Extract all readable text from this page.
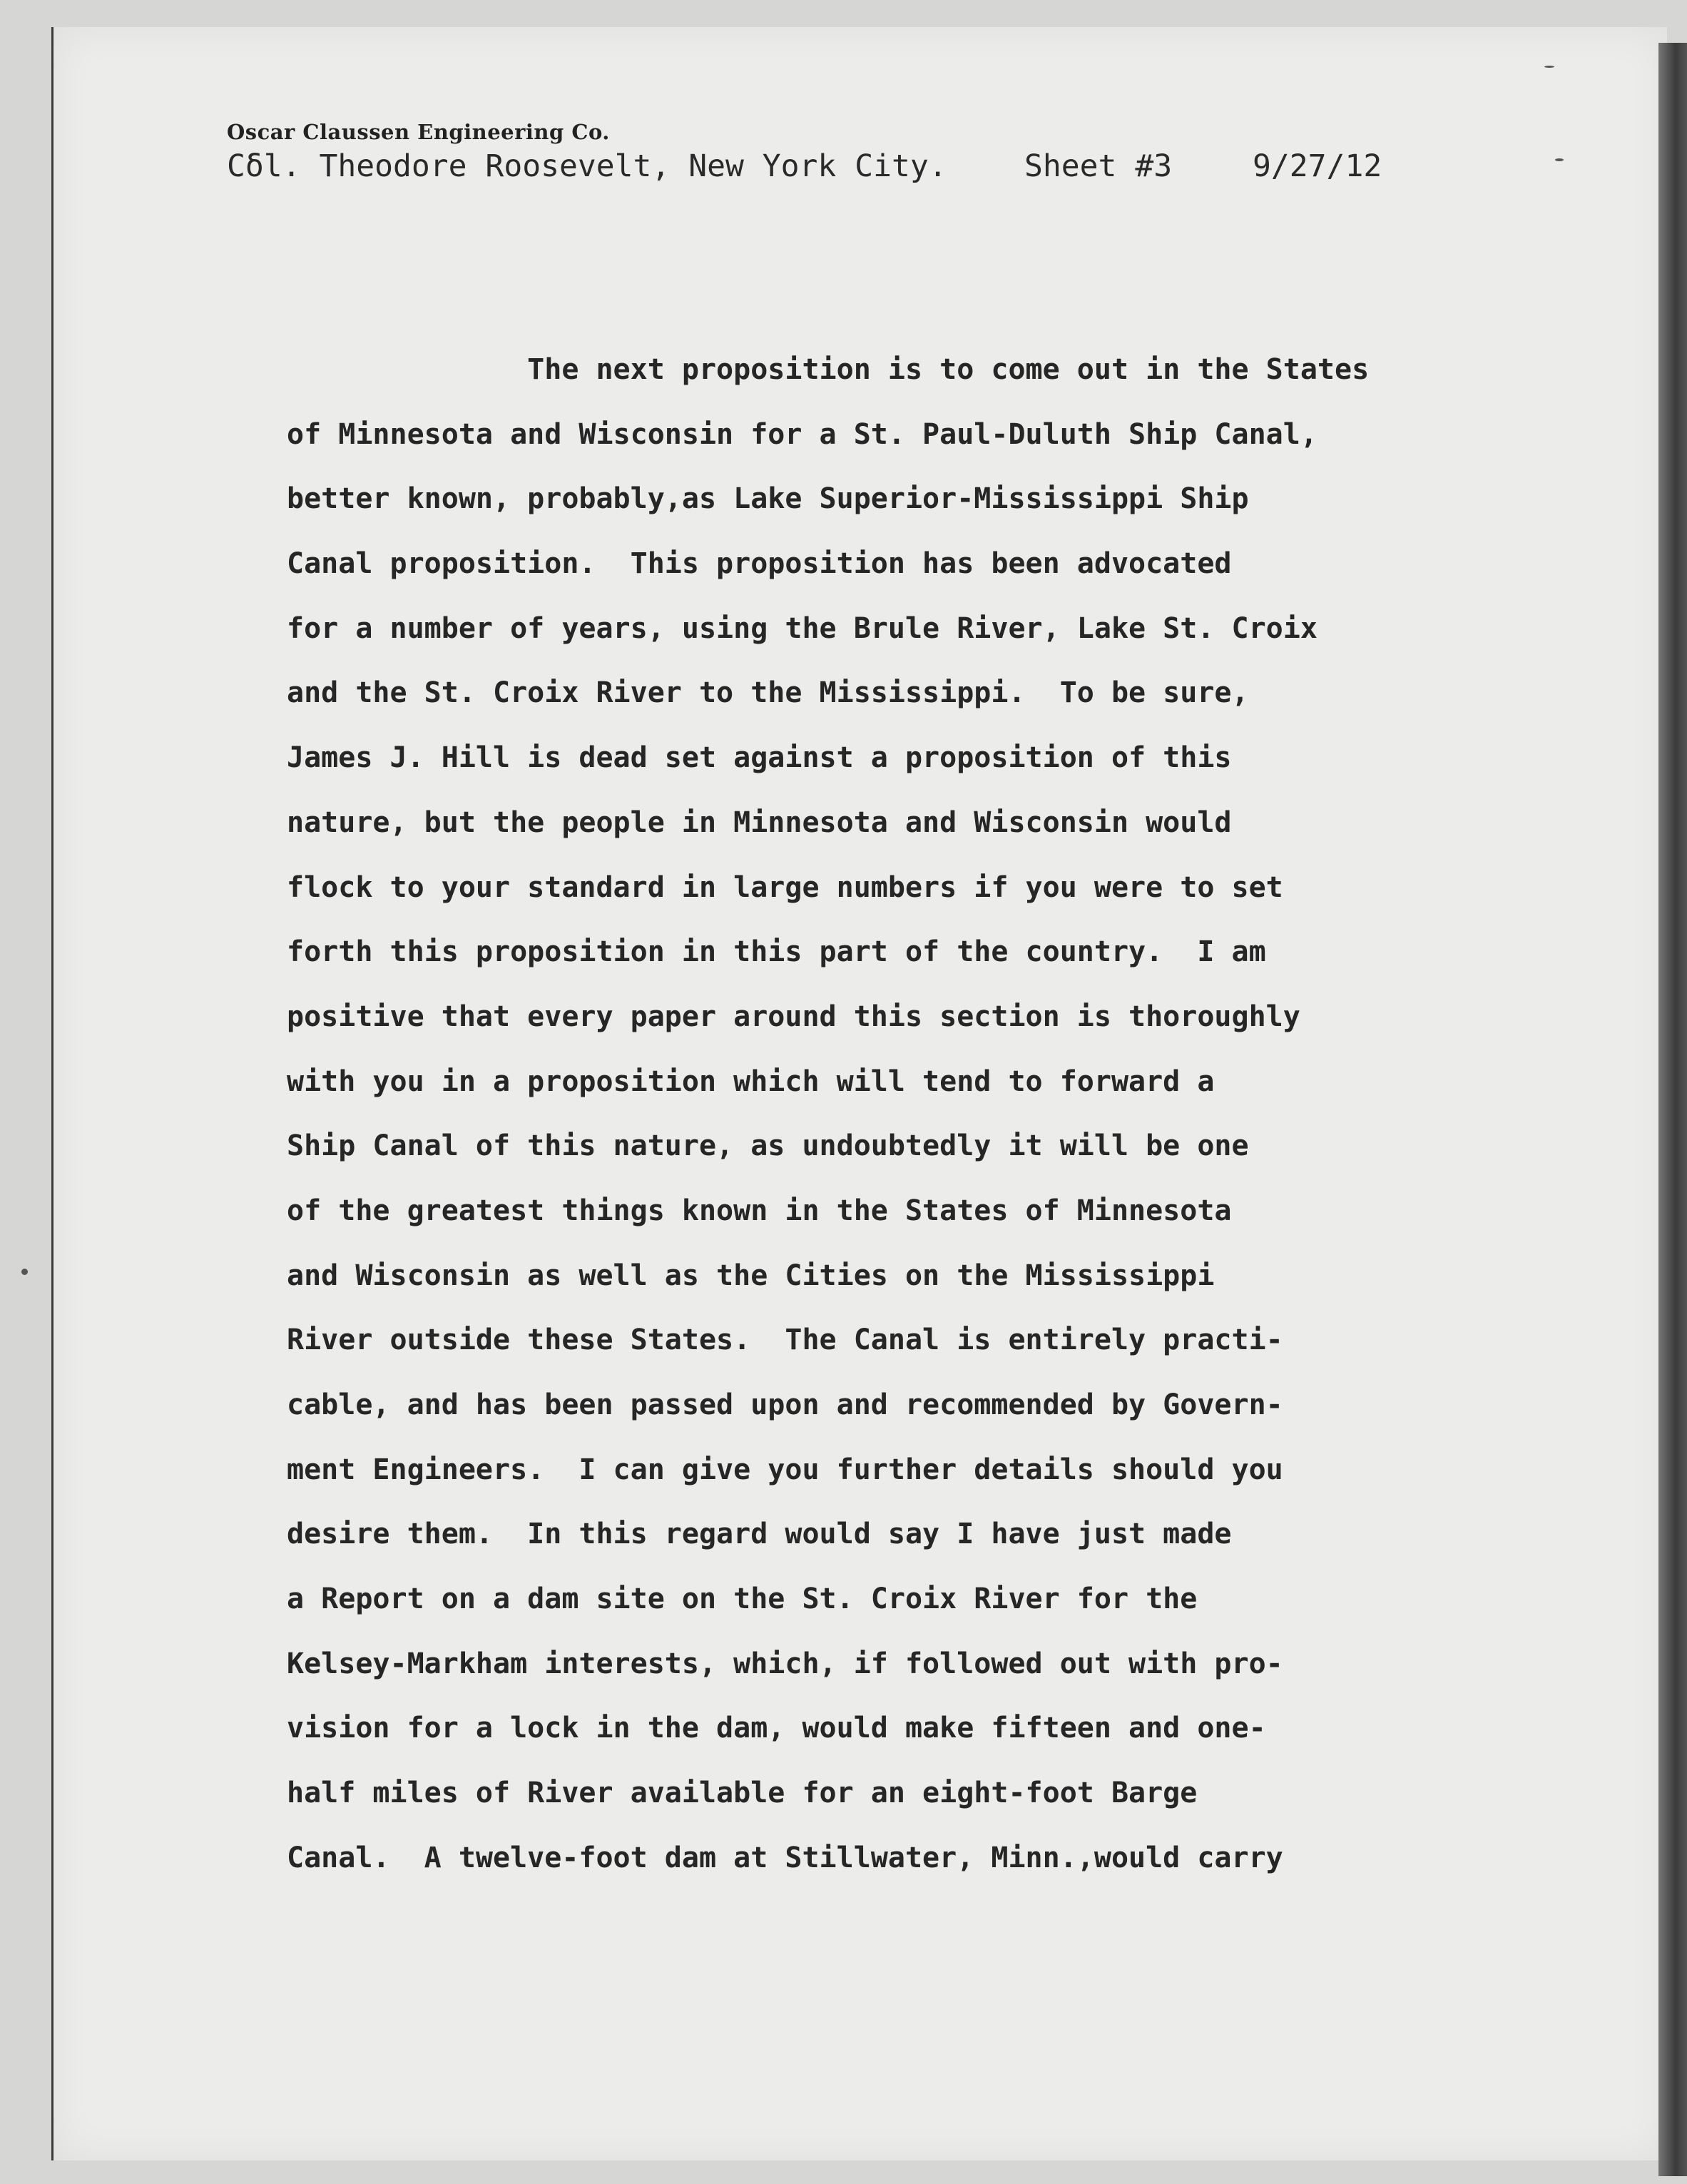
Oscar Claussen Engineering Co.
Cẟl. Theodore Roosevelt, New York City.	Sheet #3	9/27/12
The next proposition is to come out in the States
of Minnesota and Wisconsin for a St. Paul-Duluth Ship Canal,
better known, probably,as Lake Superior-Mississippi Ship
Canal proposition.  This proposition has been advocated
for a number of years, using the Brule River, Lake St. Croix
and the St. Croix River to the Mississippi.  To be sure,
James J. Hill is dead set against a proposition of this
nature, but the people in Minnesota and Wisconsin would
flock to your standard in large numbers if you were to set
forth this proposition in this part of the country.  I am
positive that every paper around this section is thoroughly
with you in a proposition which will tend to forward a
Ship Canal of this nature, as undoubtedly it will be one
of the greatest things known in the States of Minnesota
and Wisconsin as well as the Cities on the Mississippi
River outside these States.  The Canal is entirely practi-
cable, and has been passed upon and recommended by Govern-
ment Engineers.  I can give you further details should you
desire them.  In this regard would say I have just made
a Report on a dam site on the St. Croix River for the
Kelsey-Markham interests, which, if followed out with pro-
vision for a lock in the dam, would make fifteen and one-
half miles of River available for an eight-foot Barge
Canal.  A twelve-foot dam at Stillwater, Minn.,would carry
